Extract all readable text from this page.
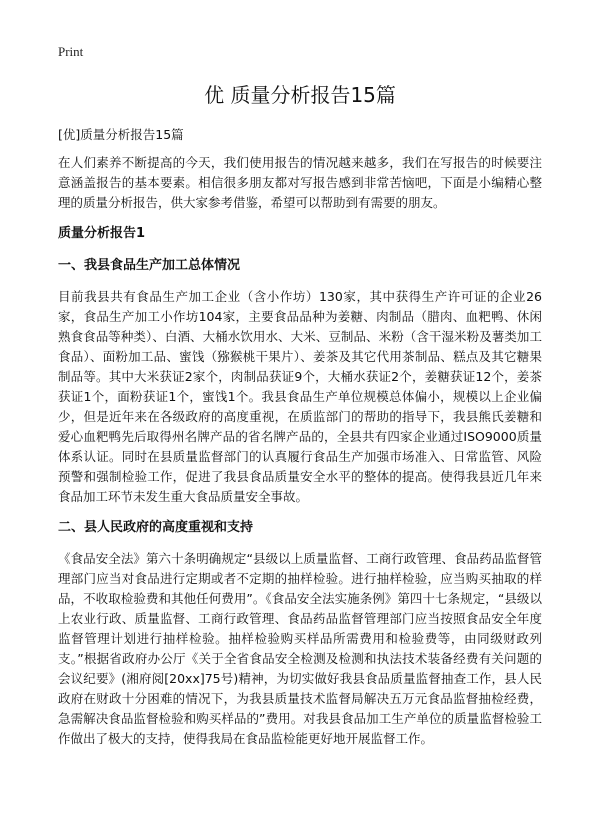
Print
优 质量分析报告15篇
[优]质量分析报告15篇

在人们素养不断提高的今天，我们使用报告的情况越来越多，我们在写报告的时候要注意涵盖报告的基本要素。相信很多朋友都对写报告感到非常苦恼吧，下面是小编精心整理的质量分析报告，供大家参考借鉴，希望可以帮助到有需要的朋友。

质量分析报告1
一、我县食品生产加工总体情况

目前我县共有食品生产加工企业（含小作坊）130家，其中获得生产许可证的企业26家，食品生产加工小作坊104家，主要食品品种为姜糖、肉制品（腊肉、血粑鸭、休闲熟食食品等种类）、白酒、大桶水饮用水、大米、豆制品、米粉（含干湿米粉及薯类加工食品）、面粉加工品、蜜饯（猕猴桃干果片）、姜茶及其它代用茶制品、糕点及其它糖果制品等。其中大米获证2家个，肉制品获证9个，大桶水获证2个，姜糖获证12个，姜茶获证1个，面粉获证1个，蜜饯1个。我县食品生产单位规模总体偏小，规模以上企业偏少，但是近年来在各级政府的高度重视，在质监部门的帮助的指导下，我县熊氏姜糖和爱心血粑鸭先后取得州名牌产品的省名牌产品的，全县共有四家企业通过ISO9000质量体系认证。同时在县质量监督部门的认真履行食品生产加强市场准入、日常监管、风险预警和强制检验工作，促进了我县食品质量安全水平的整体的提高。使得我县近几年来食品加工环节未发生重大食品质量安全事故。

二、县人民政府的高度重视和支持

《食品安全法》第六十条明确规定“县级以上质量监督、工商行政管理、食品药品监督管理部门应当对食品进行定期或者不定期的抽样检验。进行抽样检验，应当购买抽取的样品，不收取检验费和其他任何费用”。《食品安全法实施条例》第四十七条规定，“县级以上农业行政、质量监督、工商行政管理、食品药品监督管理部门应当按照食品安全年度监督管理计划进行抽样检验。抽样检验购买样品所需费用和检验费等，由同级财政列支。”根据省政府办公厅《关于全省食品安全检测及检测和执法技术装备经费有关问题的会议纪要》(湘府阅[20xx]75号)精神，为切实做好我县食品质量监督抽查工作，县人民政府在财政十分困难的情况下，为我县质量技术监督局解决五万元食品监督抽检经费，急需解决食品监督检验和购买样品的”费用。对我县食品加工生产单位的质量监督检验工作做出了极大的支持，使得我局在食品监检能更好地开展监督工作。
